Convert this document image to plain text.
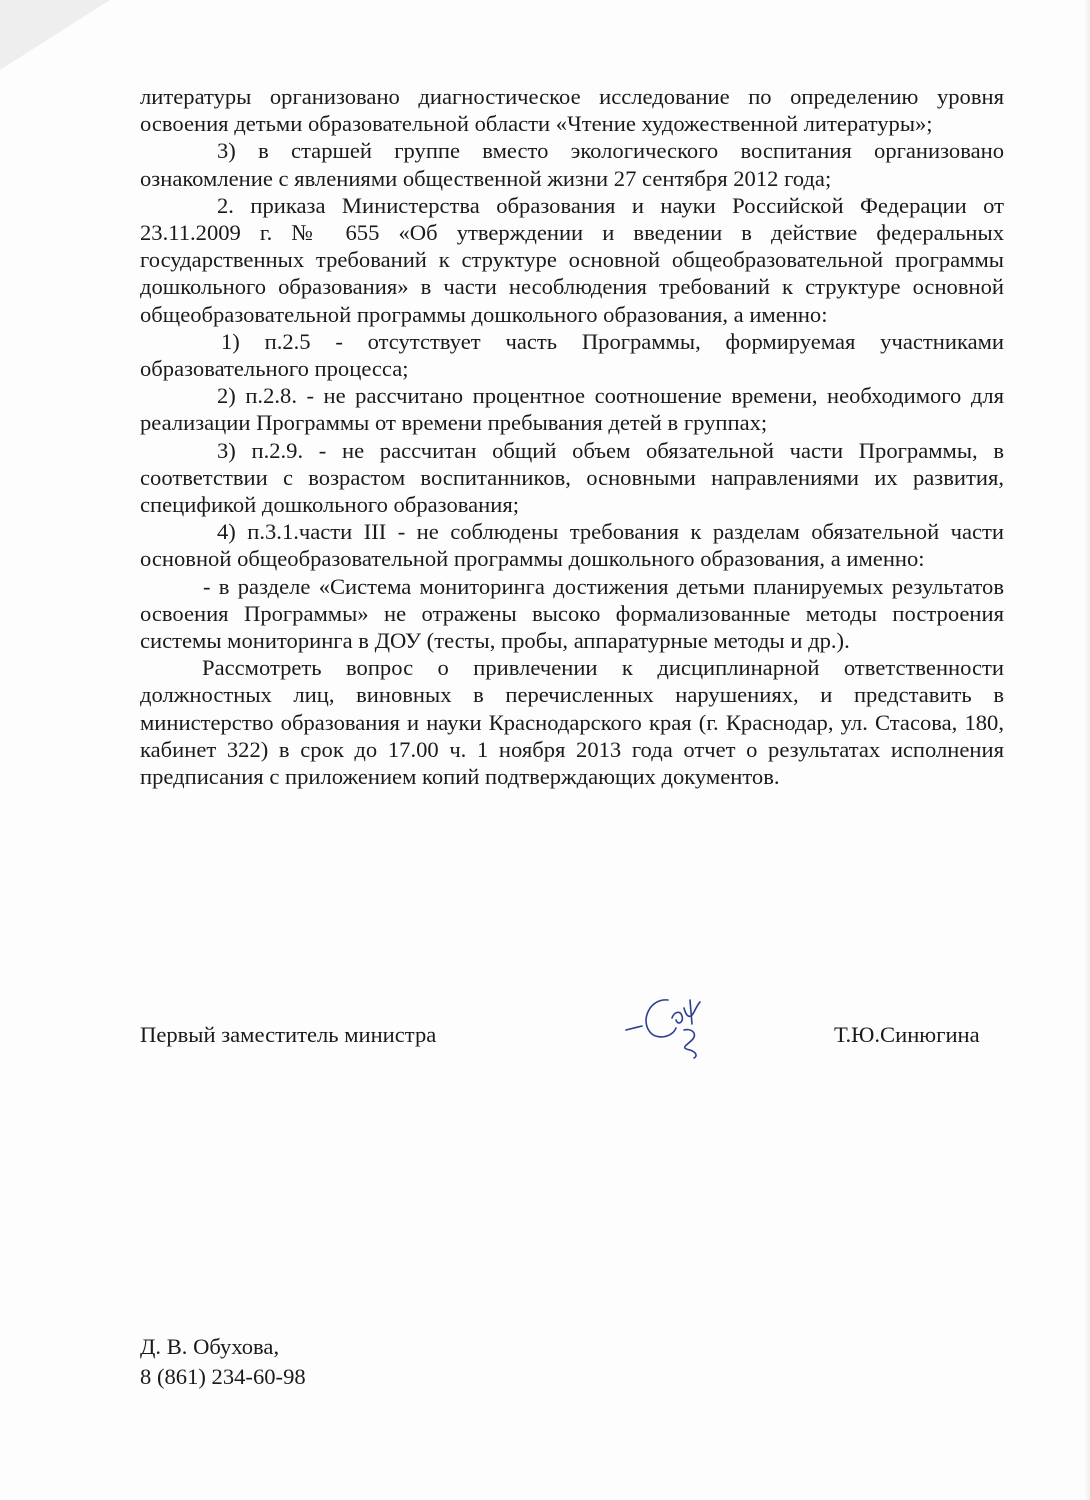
литературы организовано диагностическое исследование по определению уровня освоения детьми образовательной области «Чтение художественной литературы»;

3) в старшей группе вместо экологического воспитания организовано ознакомление с явлениями общественной жизни 27 сентября 2012 года;

2. приказа Министерства образования и науки Российской Федерации от 23.11.2009 г. № 655 «Об утверждении и введении в действие федеральных государственных требований к структуре основной общеобразовательной программы дошкольного образования» в части несоблюдения требований к структуре основной общеобразовательной программы дошкольного образования, а именно:

1) п.2.5 - отсутствует часть Программы, формируемая участниками образовательного процесса;

2) п.2.8. - не рассчитано процентное соотношение времени, необходимого для реализации Программы от времени пребывания детей в группах;

3) п.2.9. - не рассчитан общий объем обязательной части Программы, в соответствии с возрастом воспитанников, основными направлениями их развития, спецификой дошкольного образования;

4) п.3.1.части III - не соблюдены требования к разделам обязательной части основной общеобразовательной программы дошкольного образования, а именно:

- в разделе «Система мониторинга достижения детьми планируемых результатов освоения Программы» не отражены высоко формализованные методы построения системы мониторинга в ДОУ (тесты, пробы, аппаратурные методы и др.).

Рассмотреть вопрос о привлечении к дисциплинарной ответственности должностных лиц, виновных в перечисленных нарушениях, и представить в министерство образования и науки Краснодарского края (г. Краснодар, ул. Стасова, 180, кабинет 322) в срок до 17.00 ч. 1 ноября 2013 года отчет о результатах исполнения предписания с приложением копий подтверждающих документов.

Первый заместитель министра	Т.Ю.Синюгина
Д. В. Обухова,
8 (861) 234-60-98
